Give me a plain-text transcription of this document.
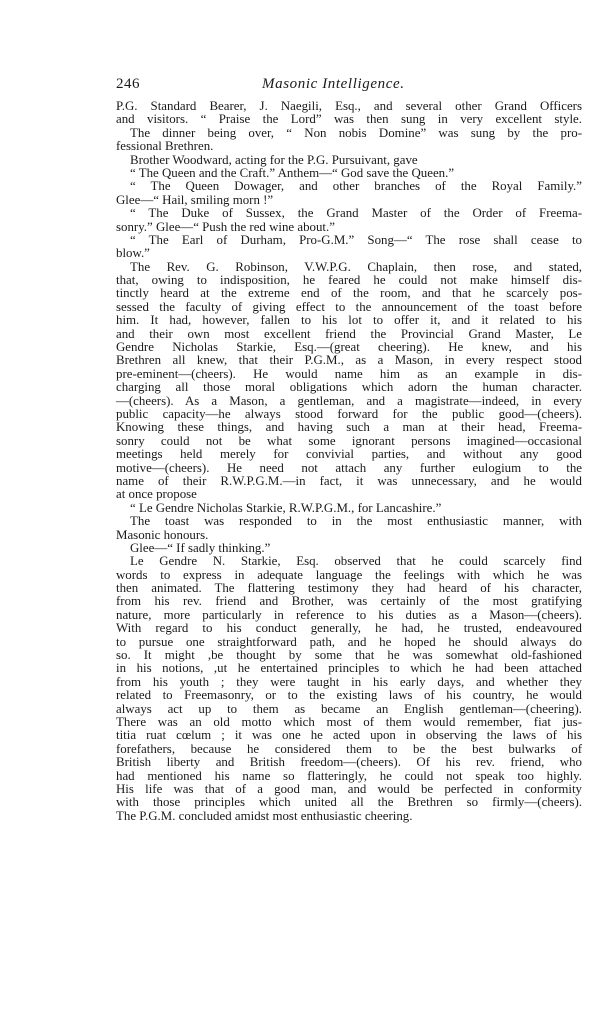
246	Masonic Intelligence.
P.G. Standard Bearer, J. Naegili, Esq., and several other Grand Officers
and visitors. “ Praise the Lord” was then sung in very excellent style.
The dinner being over, “ Non nobis Domine” was sung by the pro-
fessional Brethren.
Brother Woodward, acting for the P.G. Pursuivant, gave
“ The Queen and the Craft.” Anthem—“ God save the Queen.”
“ The Queen Dowager, and other branches of the Royal Family.”
Glee—“ Hail, smiling morn !”
“ The Duke of Sussex, the Grand Master of the Order of Freema-
sonry.” Glee—“ Push the red wine about.”
“ The Earl of Durham, Pro-G.M.” Song—“ The rose shall cease to
blow.”
The Rev. G. Robinson, V.W.P.G. Chaplain, then rose, and stated,
that, owing to indisposition, he feared he could not make himself dis-
tinctly heard at the extreme end of the room, and that he scarcely pos-
sessed the faculty of giving effect to the announcement of the toast before
him. It had, however, fallen to his lot to offer it, and it related to his
and their own most excellent friend the Provincial Grand Master, Le
Gendre Nicholas Starkie, Esq.—(great cheering). He knew, and his
Brethren all knew, that their P.G.M., as a Mason, in every respect stood
pre-eminent—(cheers). He would name him as an example in dis-
charging all those moral obligations which adorn the human character.
—(cheers). As a Mason, a gentleman, and a magistrate—indeed, in every
public capacity—he always stood forward for the public good—(cheers).
Knowing these things, and having such a man at their head, Freema-
sonry could not be what some ignorant persons imagined—occasional
meetings held merely for convivial parties, and without any good
motive—(cheers). He need not attach any further eulogium to the
name of their R.W.P.G.M.—in fact, it was unnecessary, and he would
at once propose
“ Le Gendre Nicholas Starkie, R.W.P.G.M., for Lancashire.”
The toast was responded to in the most enthusiastic manner, with
Masonic honours.
Glee—“ If sadly thinking.”
Le Gendre N. Starkie, Esq. observed that he could scarcely find
words to express in adequate language the feelings with which he was
then animated. The flattering testimony they had heard of his character,
from his rev. friend and Brother, was certainly of the most gratifying
nature, more particularly in reference to his duties as a Mason—(cheers).
With regard to his conduct generally, he had, he trusted, endeavoured
to pursue one straightforward path, and he hoped he should always do
so. It might ,be thought by some that he was somewhat old-fashioned
in his notions, ,ut he entertained principles to which he had been attached
from his youth ; they were taught in his early days, and whether they
related to Freemasonry, or to the existing laws of his country, he would
always act up to them as became an English gentleman—(cheering).
There was an old motto which most of them would remember, fiat jus-
titia ruat cœlum ; it was one he acted upon in observing the laws of his
forefathers, because he considered them to be the best bulwarks of
British liberty and British freedom—(cheers). Of his rev. friend, who
had mentioned his name so flatteringly, he could not speak too highly.
His life was that of a good man, and would be perfected in conformity
with those principles which united all the Brethren so firmly—(cheers).
The P.G.M. concluded amidst most enthusiastic cheering.
